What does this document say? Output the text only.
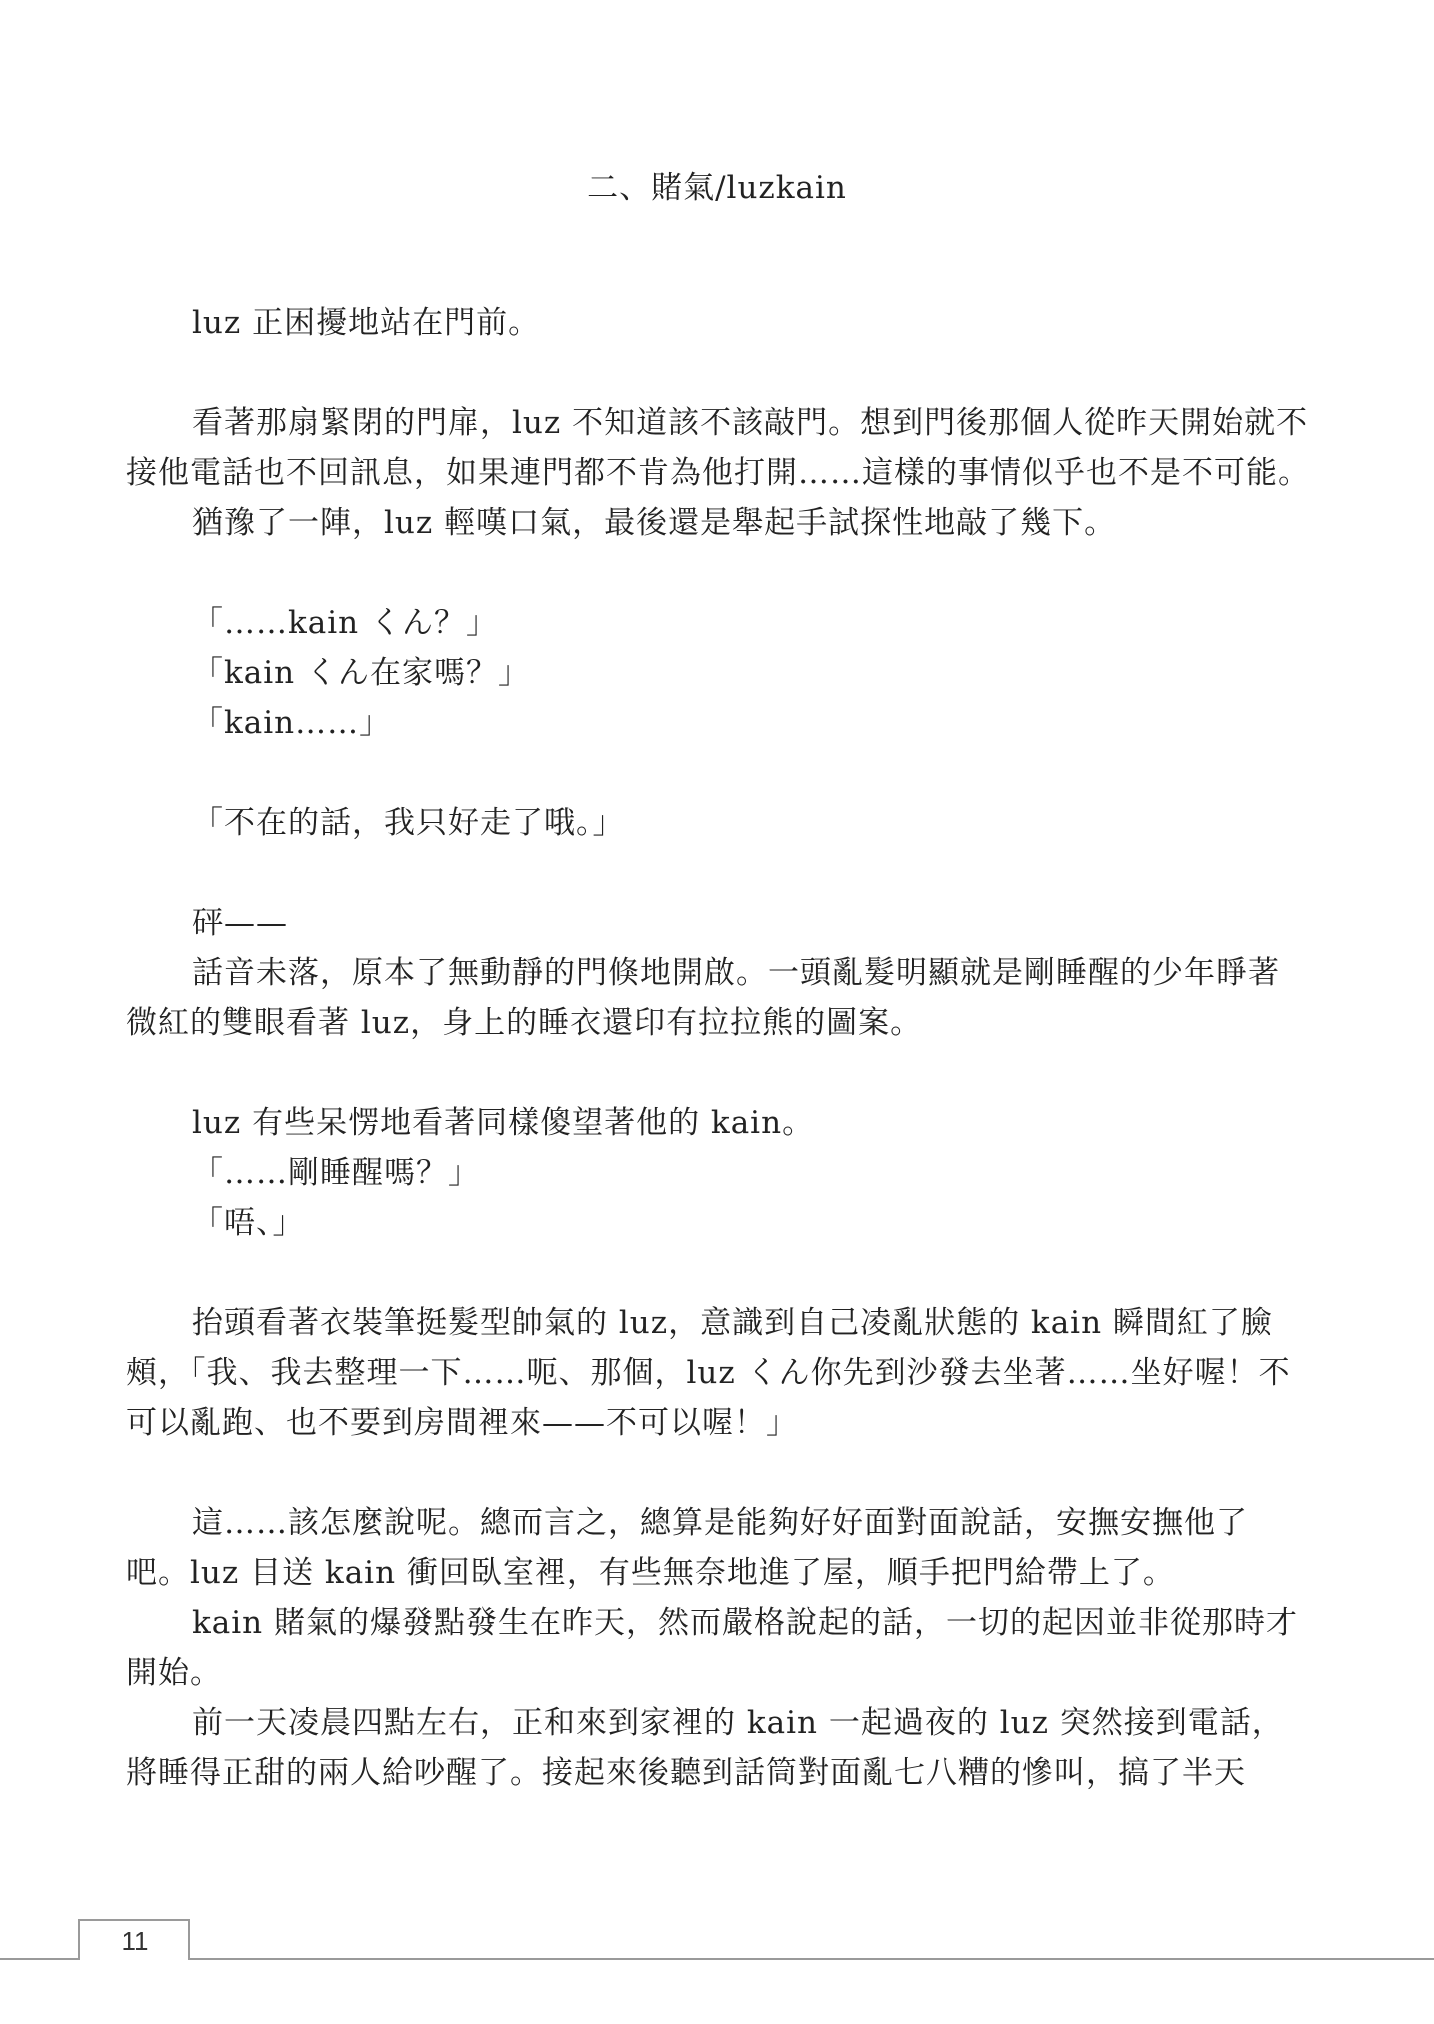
二、賭氣/luzkain

luz 正困擾地站在門前。

看著那扇緊閉的門扉，luz 不知道該不該敲門。想到門後那個人從昨天開始就不接他電話也不回訊息，如果連門都不肯為他打開……這樣的事情似乎也不是不可能。

猶豫了一陣，luz 輕嘆口氣，最後還是舉起手試探性地敲了幾下。

「……kain くん？」

「kain くん在家嗎？」

「kain……」

「不在的話，我只好走了哦。」

砰——

話音未落，原本了無動靜的門倏地開啟。一頭亂髮明顯就是剛睡醒的少年睜著微紅的雙眼看著 luz，身上的睡衣還印有拉拉熊的圖案。

luz 有些呆愣地看著同樣傻望著他的 kain。

「……剛睡醒嗎？」

「唔、」

抬頭看著衣裝筆挺髮型帥氣的 luz，意識到自己凌亂狀態的 kain 瞬間紅了臉頰，「我、我去整理一下……呃、那個，luz くん你先到沙發去坐著……坐好喔！不可以亂跑、也不要到房間裡來——不可以喔！」

這……該怎麼說呢。總而言之，總算是能夠好好面對面說話，安撫安撫他了吧。luz 目送 kain 衝回臥室裡，有些無奈地進了屋，順手把門給帶上了。

kain 賭氣的爆發點發生在昨天，然而嚴格說起的話，一切的起因並非從那時才開始。

前一天凌晨四點左右，正和來到家裡的 kain 一起過夜的 luz 突然接到電話，將睡得正甜的兩人給吵醒了。接起來後聽到話筒對面亂七八糟的慘叫，搞了半天

11
